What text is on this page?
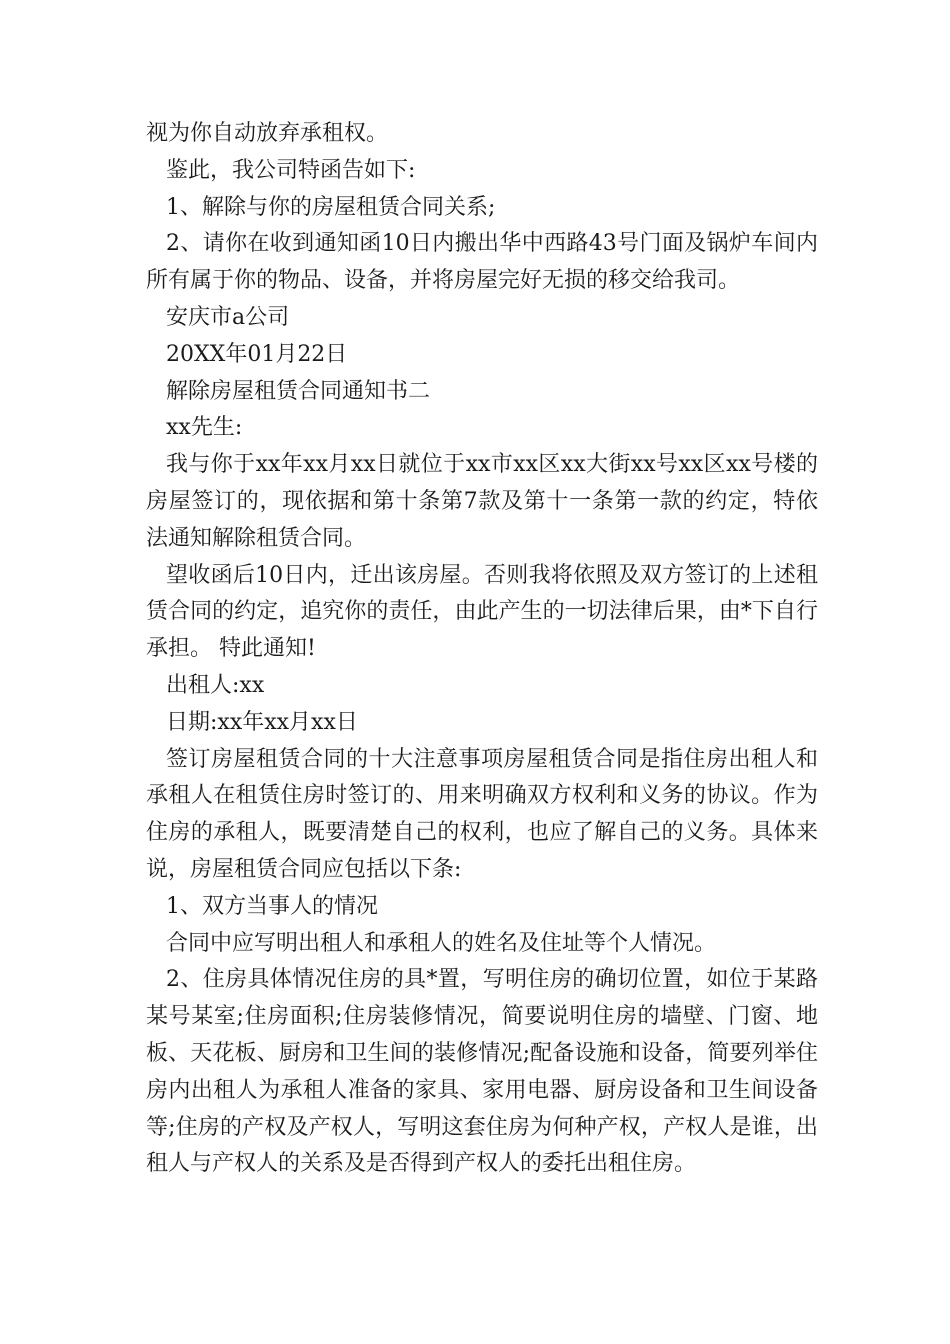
视为你自动放弃承租权。

鉴此，我公司特函告如下:

1、解除与你的房屋租赁合同关系;

2、请你在收到通知函10日内搬出华中西路43号门面及锅炉车间内所有属于你的物品、设备，并将房屋完好无损的移交给我司。

安庆市a公司

20XX年01月22日

解除房屋租赁合同通知书二

xx先生:

我与你于xx年xx月xx日就位于xx市xx区xx大街xx号xx区xx号楼的房屋签订的，现依据和第十条第7款及第十一条第一款的约定，特依法通知解除租赁合同。

望收函后10日内，迁出该房屋。否则我将依照及双方签订的上述租赁合同的约定，追究你的责任，由此产生的一切法律后果，由*下自行承担。 特此通知!

出租人:xx

日期:xx年xx月xx日

签订房屋租赁合同的十大注意事项房屋租赁合同是指住房出租人和承租人在租赁住房时签订的、用来明确双方权利和义务的协议。作为住房的承租人，既要清楚自己的权利，也应了解自己的义务。具体来说，房屋租赁合同应包括以下条:

1、双方当事人的情况

合同中应写明出租人和承租人的姓名及住址等个人情况。

2、住房具体情况住房的具*置，写明住房的确切位置，如位于某路某号某室;住房面积;住房装修情况，简要说明住房的墙壁、门窗、地板、天花板、厨房和卫生间的装修情况;配备设施和设备，简要列举住房内出租人为承租人准备的家具、家用电器、厨房设备和卫生间设备等;住房的产权及产权人，写明这套住房为何种产权，产权人是谁，出租人与产权人的关系及是否得到产权人的委托出租住房。
